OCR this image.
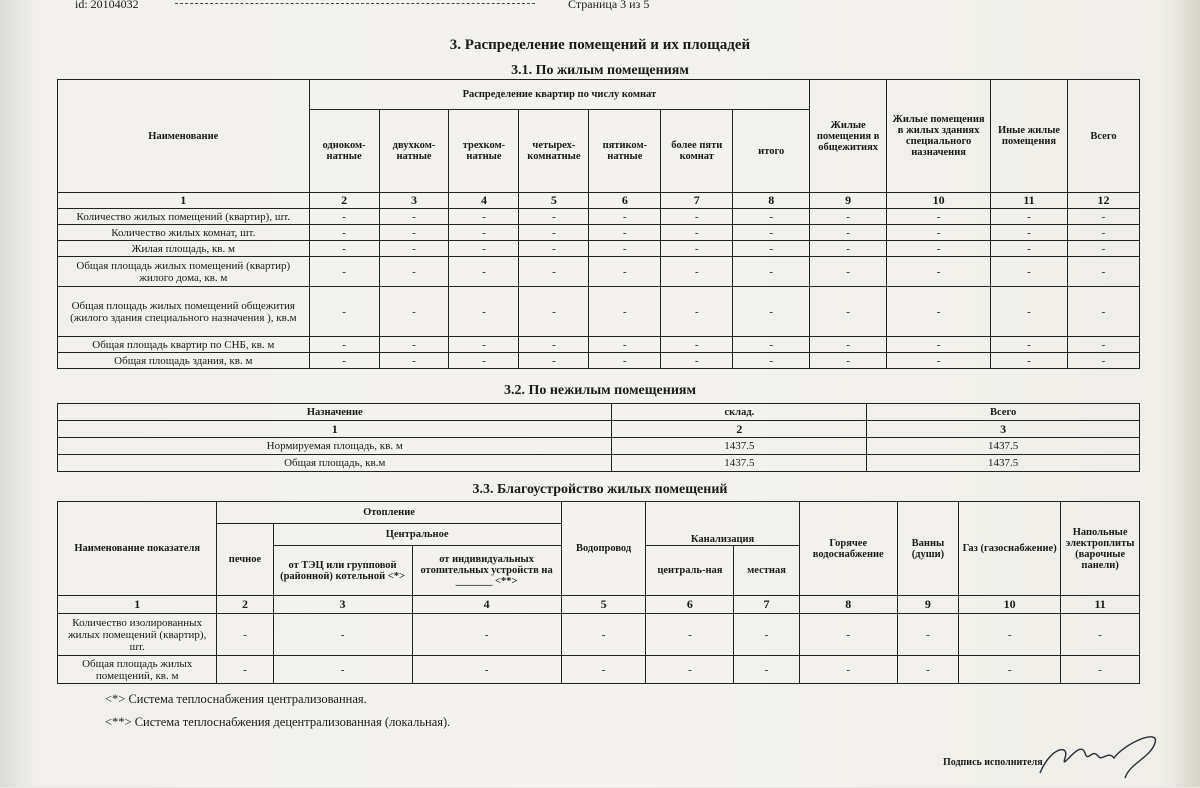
id: 20104032	Страница 3 из 5
3. Распределение помещений и их площадей
3.1. По жилым помещениям
Наименование	Распределение квартир по числу комнат							Жилые помещения в общежитиях	Жилые помещения в жилых зданиях специального назначения	Иные жилые помещения	Всего
	одноком-натные	двухком-натные	трехком-натные	четырех-комнатные	пятиком-натные	более пяти комнат	итого				
1	2	3	4	5	6	7	8	9	10	11	12
Количество жилых помещений (квартир), шт.	-	-	-	-	-	-	-	-	-	-	-
Количество жилых комнат, шт.	-	-	-	-	-	-	-	-	-	-	-
Жилая площадь, кв. м	-	-	-	-	-	-	-	-	-	-	-
Общая площадь жилых помещений (квартир) жилого дома, кв. м	-	-	-	-	-	-	-	-	-	-	-
Общая площадь жилых помещений общежития (жилого здания специального назначения ), кв.м	-	-	-	-	-	-	-	-	-	-	-
Общая площадь квартир по СНБ, кв. м	-	-	-	-	-	-	-	-	-	-	-
Общая площадь здания, кв. м	-	-	-	-	-	-	-	-	-	-	-
3.2. По нежилым помещениям
Назначение	склад.	Всего
1	2	3
Нормируемая площадь, кв. м	1437.5	1437.5
Общая площадь, кв.м	1437.5	1437.5
3.3. Благоустройство жилых помещений
Наименование показателя	Отопление			Водопровод	Канализация		Горячее водоснабжение	Ванны (души)	Газ (газоснабжение)	Напольные электроплиты (варочные панели)
	печное	Центральное								
		от ТЭЦ или групповой (районной) котельной <*>	от индивидуальных отопительных устройств на _______ <**>		централь-ная	местная				
1	2	3	4	5	6	7	8	9	10	11
Количество изолированных жилых помещений (квартир), шт.	-	-	-	-	-	-	-	-	-	-
Общая площадь жилых помещений, кв. м	-	-	-	-	-	-	-	-	-	-
<*> Система теплоснабжения централизованная.
<**> Система теплоснабжения децентрализованная (локальная).
Подпись исполнителя
